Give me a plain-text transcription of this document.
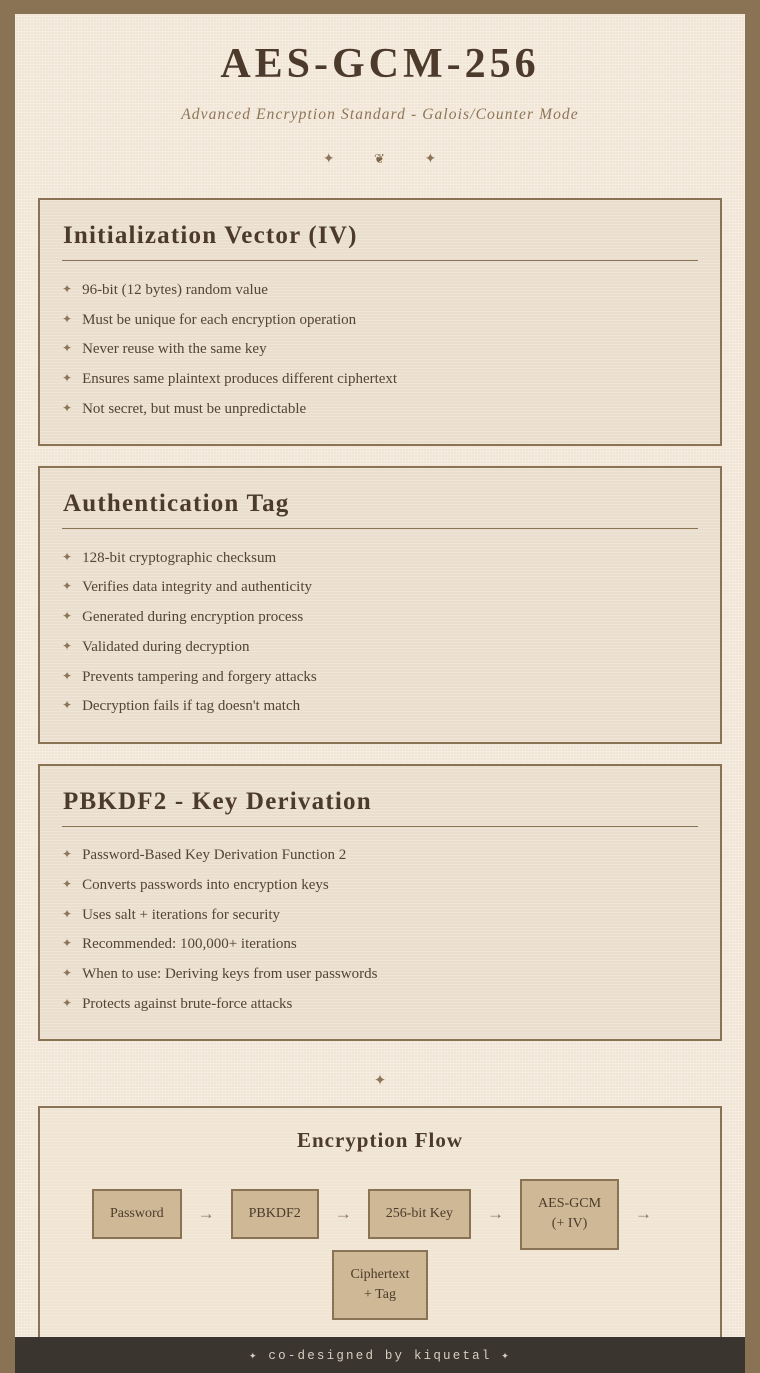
AES-GCM-256

Advanced Encryption Standard - Galois/Counter Mode

✦	❦	✦
Initialization Vector (IV)
✦ 96-bit (12 bytes) random value
✦ Must be unique for each encryption operation
✦ Never reuse with the same key
✦ Ensures same plaintext produces different ciphertext
✦ Not secret, but must be unpredictable
Authentication Tag
✦ 128-bit cryptographic checksum
✦ Verifies data integrity and authenticity
✦ Generated during encryption process
✦ Validated during decryption
✦ Prevents tampering and forgery attacks
✦ Decryption fails if tag doesn't match
PBKDF2 - Key Derivation
✦ Password-Based Key Derivation Function 2
✦ Converts passwords into encryption keys
✦ Uses salt + iterations for security
✦ Recommended: 100,000+ iterations
✦ When to use: Deriving keys from user passwords
✦ Protects against brute-force attacks
✦
Encryption Flow
Password	→	PBKDF2	→	256-bit Key	→
AES-GCM
(+ IV)
→
Ciphertext
+ Tag
✦ co-designed by kiquetal ✦
